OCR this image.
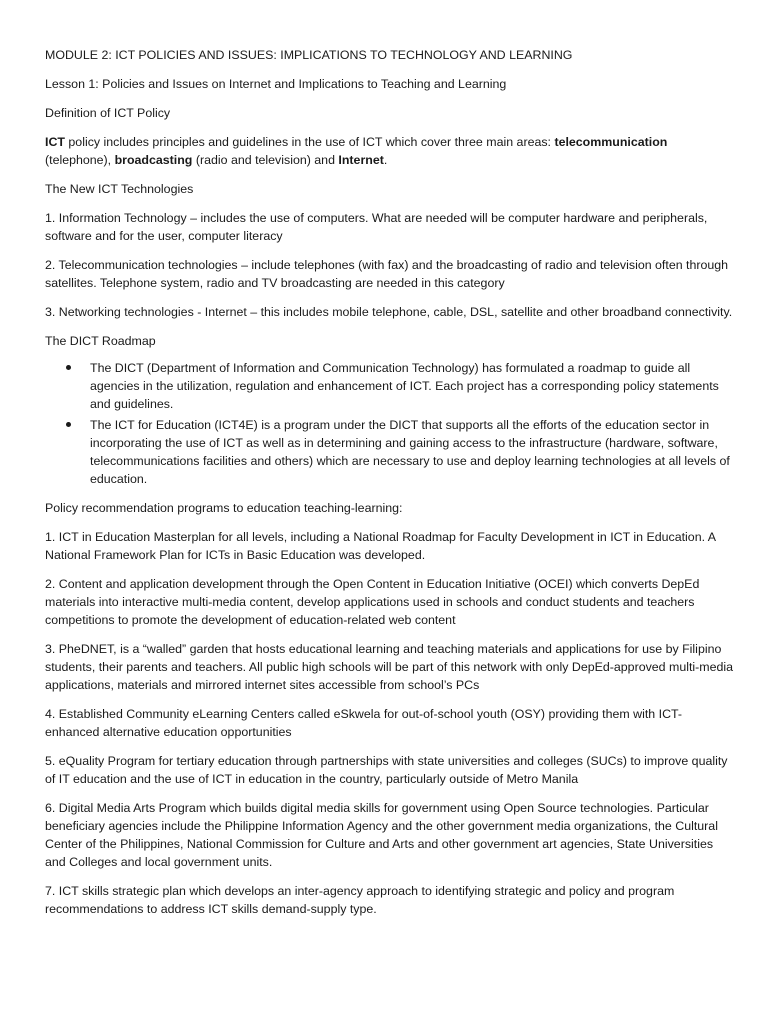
MODULE 2: ICT POLICIES AND ISSUES: IMPLICATIONS TO TECHNOLOGY AND LEARNING

Lesson 1: Policies and Issues on Internet and Implications to Teaching and Learning

Definition of ICT Policy

ICT policy includes principles and guidelines in the use of ICT which cover three main areas: telecommunication (telephone), broadcasting (radio and television) and Internet.

The New ICT Technologies

1. Information Technology – includes the use of computers. What are needed will be computer hardware and peripherals, software and for the user, computer literacy

2. Telecommunication technologies – include telephones (with fax) and the broadcasting of radio and television often through satellites. Telephone system, radio and TV broadcasting are needed in this category

3. Networking technologies - Internet – this includes mobile telephone, cable, DSL, satellite and other broadband connectivity.

The DICT Roadmap

The DICT (Department of Information and Communication Technology) has formulated a roadmap to guide all agencies in the utilization, regulation and enhancement of ICT. Each project has a corresponding policy statements and guidelines.
The ICT for Education (ICT4E) is a program under the DICT that supports all the efforts of the education sector in incorporating the use of ICT as well as in determining and gaining access to the infrastructure (hardware, software, telecommunications facilities and others) which are necessary to use and deploy learning technologies at all levels of education.

Policy recommendation programs to education teaching-learning:

1. ICT in Education Masterplan for all levels, including a National Roadmap for Faculty Development in ICT in Education. A National Framework Plan for ICTs in Basic Education was developed.

2. Content and application development through the Open Content in Education Initiative (OCEI) which converts DepEd materials into interactive multi-media content, develop applications used in schools and conduct students and teachers competitions to promote the development of education-related web content

3. PheDNET, is a “walled” garden that hosts educational learning and teaching materials and applications for use by Filipino students, their parents and teachers. All public high schools will be part of this network with only DepEd-approved multi-media applications, materials and mirrored internet sites accessible from school’s PCs

4. Established Community eLearning Centers called eSkwela for out-of-school youth (OSY) providing them with ICT-enhanced alternative education opportunities

5. eQuality Program for tertiary education through partnerships with state universities and colleges (SUCs) to improve quality of IT education and the use of ICT in education in the country, particularly outside of Metro Manila

6. Digital Media Arts Program which builds digital media skills for government using Open Source technologies. Particular beneficiary agencies include the Philippine Information Agency and the other government media organizations, the Cultural Center of the Philippines, National Commission for Culture and Arts and other government art agencies, State Universities and Colleges and local government units.

7. ICT skills strategic plan which develops an inter-agency approach to identifying strategic and policy and program recommendations to address ICT skills demand-supply type.
